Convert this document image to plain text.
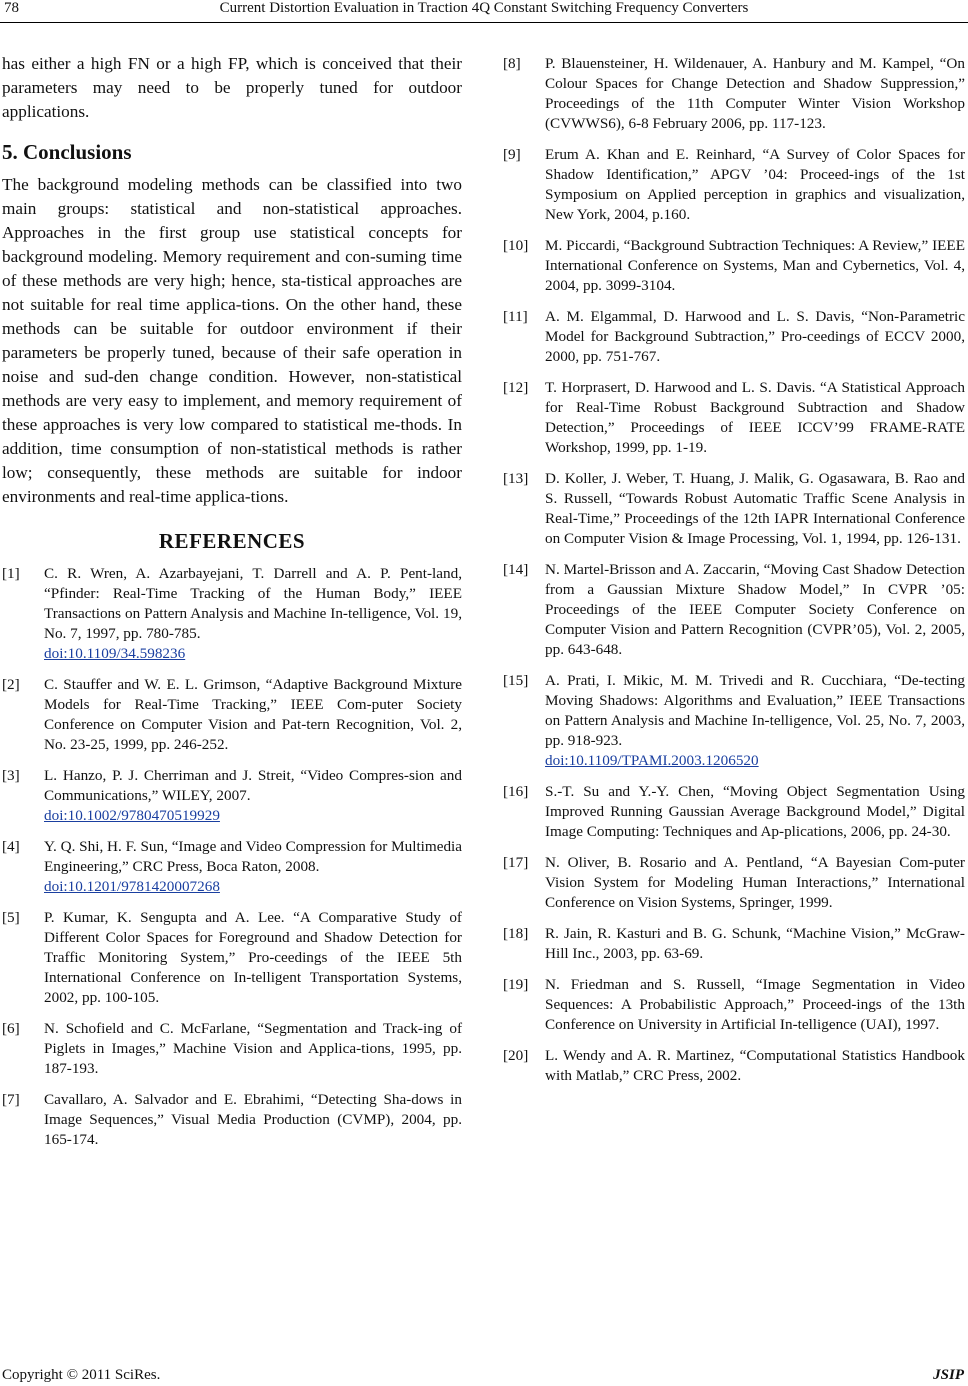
78	Current Distortion Evaluation in Traction 4Q Constant Switching Frequency Converters

has either a high FN or a high FP, which is conceived that their parameters may need to be properly tuned for outdoor applications.

5. Conclusions

The background modeling methods can be classified into two main groups: statistical and non-statistical approaches. Approaches in the first group use statistical concepts for background modeling. Memory requirement and con-suming time of these methods are very high; hence, sta-tistical approaches are not suitable for real time applica-tions. On the other hand, these methods can be suitable for outdoor environment if their parameters be properly tuned, because of their safe operation in noise and sud-den change condition. However, non-statistical methods are very easy to implement, and memory requirement of these approaches is very low compared to statistical me-thods. In addition, time consumption of non-statistical methods is rather low; consequently, these methods are suitable for indoor environments and real-time applica-tions.

REFERENCES
[1] C. R. Wren, A. Azarbayejani, T. Darrell and A. P. Pent-land, “Pfinder: Real-Time Tracking of the Human Body,” IEEE Transactions on Pattern Analysis and Machine In-telligence, Vol. 19, No. 7, 1997, pp. 780-785.
doi:10.1109/34.598236
[2] C. Stauffer and W. E. L. Grimson, “Adaptive Background Mixture Models for Real-Time Tracking,” IEEE Com-puter Society Conference on Computer Vision and Pat-tern Recognition, Vol. 2, No. 23-25, 1999, pp. 246-252.
[3] L. Hanzo, P. J. Cherriman and J. Streit, “Video Compres-sion and Communications,” WILEY, 2007.
doi:10.1002/9780470519929
[4] Y. Q. Shi, H. F. Sun, “Image and Video Compression for Multimedia Engineering,” CRC Press, Boca Raton, 2008.
doi:10.1201/9781420007268
[5] P. Kumar, K. Sengupta and A. Lee. “A Comparative Study of Different Color Spaces for Foreground and Shadow Detection for Traffic Monitoring System,” Pro-ceedings of the IEEE 5th International Conference on In-telligent Transportation Systems, 2002, pp. 100-105.
[6] N. Schofield and C. McFarlane, “Segmentation and Track-ing of Piglets in Images,” Machine Vision and Applica-tions, 1995, pp. 187-193.
[7] Cavallaro, A. Salvador and E. Ebrahimi, “Detecting Sha-dows in Image Sequences,” Visual Media Production (CVMP), 2004, pp. 165-174.
[8] P. Blauensteiner, H. Wildenauer, A. Hanbury and M. Kampel, “On Colour Spaces for Change Detection and Shadow Suppression,” Proceedings of the 11th Computer Winter Vision Workshop (CVWWS6), 6-8 February 2006, pp. 117-123.
[9] Erum A. Khan and E. Reinhard, “A Survey of Color Spaces for Shadow Identification,” APGV ’04: Proceed-ings of the 1st Symposium on Applied perception in graphics and visualization, New York, 2004, p.160.
[10] M. Piccardi, “Background Subtraction Techniques: A Review,” IEEE International Conference on Systems, Man and Cybernetics, Vol. 4, 2004, pp. 3099-3104.
[11] A. M. Elgammal, D. Harwood and L. S. Davis, “Non-Parametric Model for Background Subtraction,” Pro-ceedings of ECCV 2000, 2000, pp. 751-767.
[12] T. Horprasert, D. Harwood and L. S. Davis. “A Statistical Approach for Real-Time Robust Background Subtraction and Shadow Detection,” Proceedings of IEEE ICCV’99 FRAME-RATE Workshop, 1999, pp. 1-19.
[13] D. Koller, J. Weber, T. Huang, J. Malik, G. Ogasawara, B. Rao and S. Russell, “Towards Robust Automatic Traffic Scene Analysis in Real-Time,” Proceedings of the 12th IAPR International Conference on Computer Vision & Image Processing, Vol. 1, 1994, pp. 126-131.
[14] N. Martel-Brisson and A. Zaccarin, “Moving Cast Shadow Detection from a Gaussian Mixture Shadow Model,” In CVPR ’05: Proceedings of the IEEE Computer Society Conference on Computer Vision and Pattern Recognition (CVPR’05), Vol. 2, 2005, pp. 643-648.
[15] A. Prati, I. Mikic, M. M. Trivedi and R. Cucchiara, “De-tecting Moving Shadows: Algorithms and Evaluation,” IEEE Transactions on Pattern Analysis and Machine In-telligence, Vol. 25, No. 7, 2003, pp. 918-923.
doi:10.1109/TPAMI.2003.1206520
[16] S.-T. Su and Y.-Y. Chen, “Moving Object Segmentation Using Improved Running Gaussian Average Background Model,” Digital Image Computing: Techniques and Ap-plications, 2006, pp. 24-30.
[17] N. Oliver, B. Rosario and A. Pentland, “A Bayesian Com-puter Vision System for Modeling Human Interactions,” International Conference on Vision Systems, Springer, 1999.
[18] R. Jain, R. Kasturi and B. G. Schunk, “Machine Vision,” McGraw-Hill Inc., 2003, pp. 63-69.
[19] N. Friedman and S. Russell, “Image Segmentation in Video Sequences: A Probabilistic Approach,” Proceed-ings of the 13th Conference on University in Artificial In-telligence (UAI), 1997.
[20] L. Wendy and A. R. Martinez, “Computational Statistics Handbook with Matlab,” CRC Press, 2002.
Copyright © 2011 SciRes.	JSIP
